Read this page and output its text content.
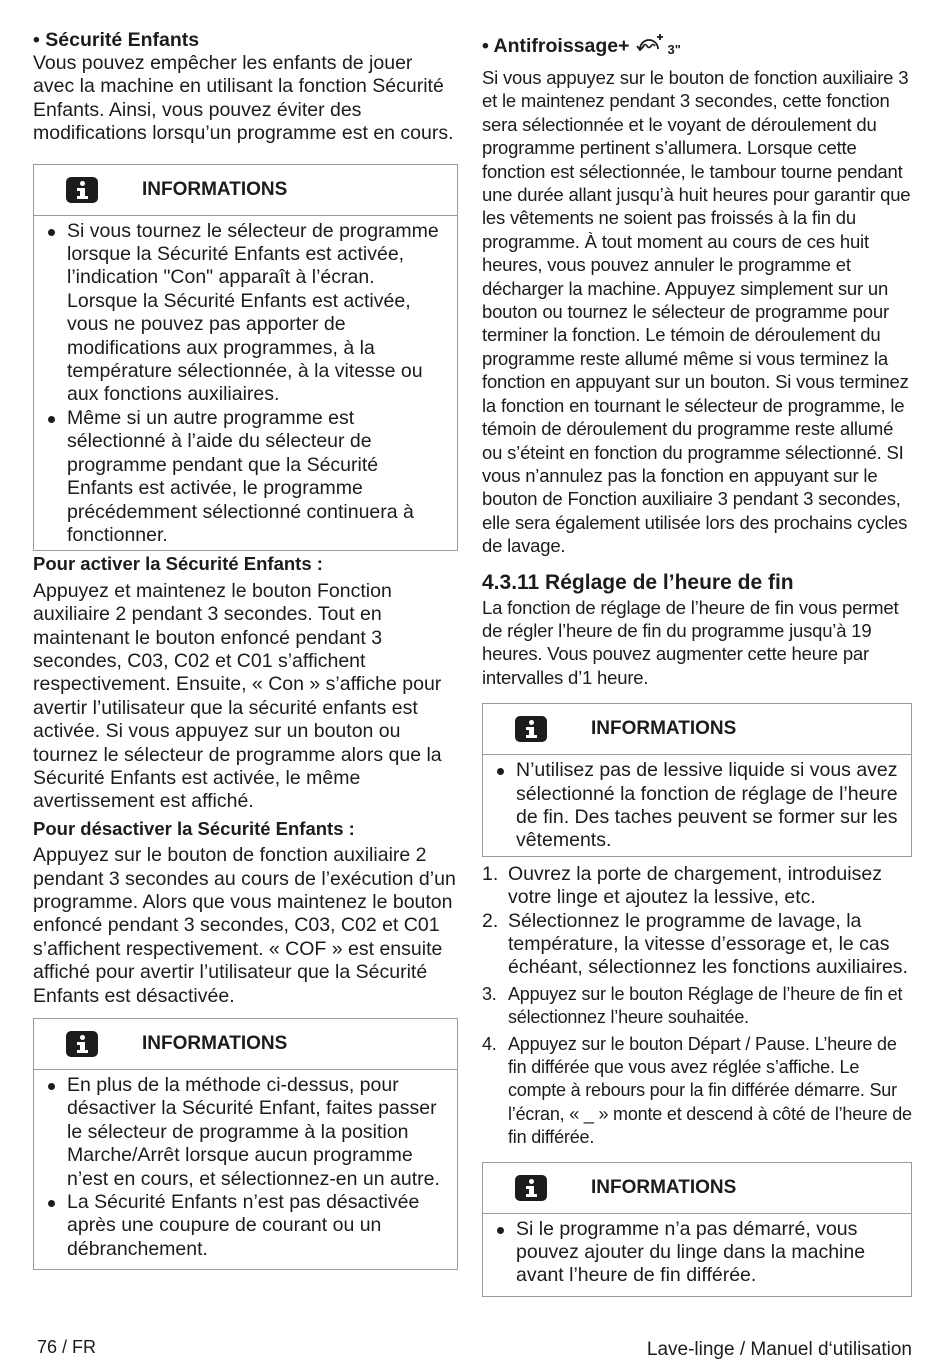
• Sécurité Enfants

Vous pouvez empêcher les enfants de jouer avec la machine en utilisant la fonction Sécurité Enfants. Ainsi, vous pouvez éviter des modifications lorsqu’un programme est en cours.

INFORMATIONS
Si vous tournez le sélecteur de programme lorsque la Sécurité Enfants est activée, l’indication "Con" apparaît à l’écran. Lorsque la Sécurité Enfants est activée, vous ne pouvez pas apporter de modifications aux programmes, à la température sélectionnée, à la vitesse ou aux fonctions auxiliaires.
Même si un autre programme est sélectionné à l’aide du sélecteur de programme pendant que la Sécurité Enfants est activée, le programme précédemment sélectionné continuera à fonctionner.

Pour activer la Sécurité Enfants :

Appuyez et maintenez le bouton Fonction auxiliaire 2 pendant 3 secondes. Tout en maintenant le bouton enfoncé pendant 3 secondes, C03, C02 et C01 s’affichent respectivement. Ensuite, « Con » s’affiche pour avertir l’utilisateur que la sécurité enfants est activée. Si vous appuyez sur un bouton ou tournez le sélecteur de programme alors que la Sécurité Enfants est activée, le même avertissement est affiché.

Pour désactiver la Sécurité Enfants :

Appuyez sur le bouton de fonction auxiliaire 2 pendant 3 secondes au cours de l’exécution d’un programme. Alors que vous maintenez le bouton enfoncé pendant 3 secondes, C03, C02 et C01 s’affichent respectivement. « COF » est ensuite affiché pour avertir l’utilisateur que la Sécurité Enfants est désactivée.

INFORMATIONS
En plus de la méthode ci-dessus, pour désactiver la Sécurité Enfant, faites passer le sélecteur de programme à la position Marche/Arrêt lorsque aucun programme n’est en cours, et sélectionnez-en un autre.
La Sécurité Enfants n’est pas désactivée après une coupure de courant ou un débranchement.

• Antifroissage+	3"

Si vous appuyez sur le bouton de fonction auxiliaire 3 et le maintenez pendant 3 secondes, cette fonction sera sélectionnée et le voyant de déroulement du programme pertinent s’allumera. Lorsque cette fonction est sélectionnée, le tambour tourne pendant une durée allant jusqu’à huit heures pour garantir que les vêtements ne soient pas froissés à la fin du programme. À tout moment au cours de ces huit heures, vous pouvez annuler le programme et décharger la machine. Appuyez simplement sur un bouton ou tournez le sélecteur de programme pour terminer la fonction. Le témoin de déroulement du programme reste allumé même si vous terminez la fonction en appuyant sur un bouton. Si vous terminez la fonction en tournant le sélecteur de programme, le témoin de déroulement du programme reste allumé ou s’éteint en fonction du programme sélectionné. SI vous n’annulez pas la fonction en appuyant sur le bouton de Fonction auxiliaire 3 pendant 3 secondes, elle sera également utilisée lors des prochains cycles de lavage.

4.3.11 Réglage de l’heure de fin

La fonction de réglage de l’heure de fin vous permet de régler l’heure de fin du programme jusqu’à 19 heures. Vous pouvez augmenter cette heure par intervalles d’1 heure.

INFORMATIONS
N’utilisez pas de lessive liquide si vous avez sélectionné la fonction de réglage de l’heure de fin. Des taches peuvent se former sur les vêtements.
1. Ouvrez la porte de chargement, introduisez votre linge et ajoutez la lessive, etc.
2. Sélectionnez le programme de lavage, la température, la vitesse d’essorage et, le cas échéant, sélectionnez les fonctions auxiliaires.
3. Appuyez sur le bouton Réglage de l’heure de fin et sélectionnez l’heure souhaitée.
4. Appuyez sur le bouton Départ / Pause. L’heure de fin différée que vous avez réglée s’affiche. Le compte à rebours pour la fin différée démarre. Sur l’écran, « _ » monte et descend à côté de l’heure de fin différée.
INFORMATIONS
Si le programme n’a pas démarré, vous pouvez ajouter du linge dans la machine avant l’heure de fin différée.
76 / FR	Lave-linge / Manuel d‘utilisation
